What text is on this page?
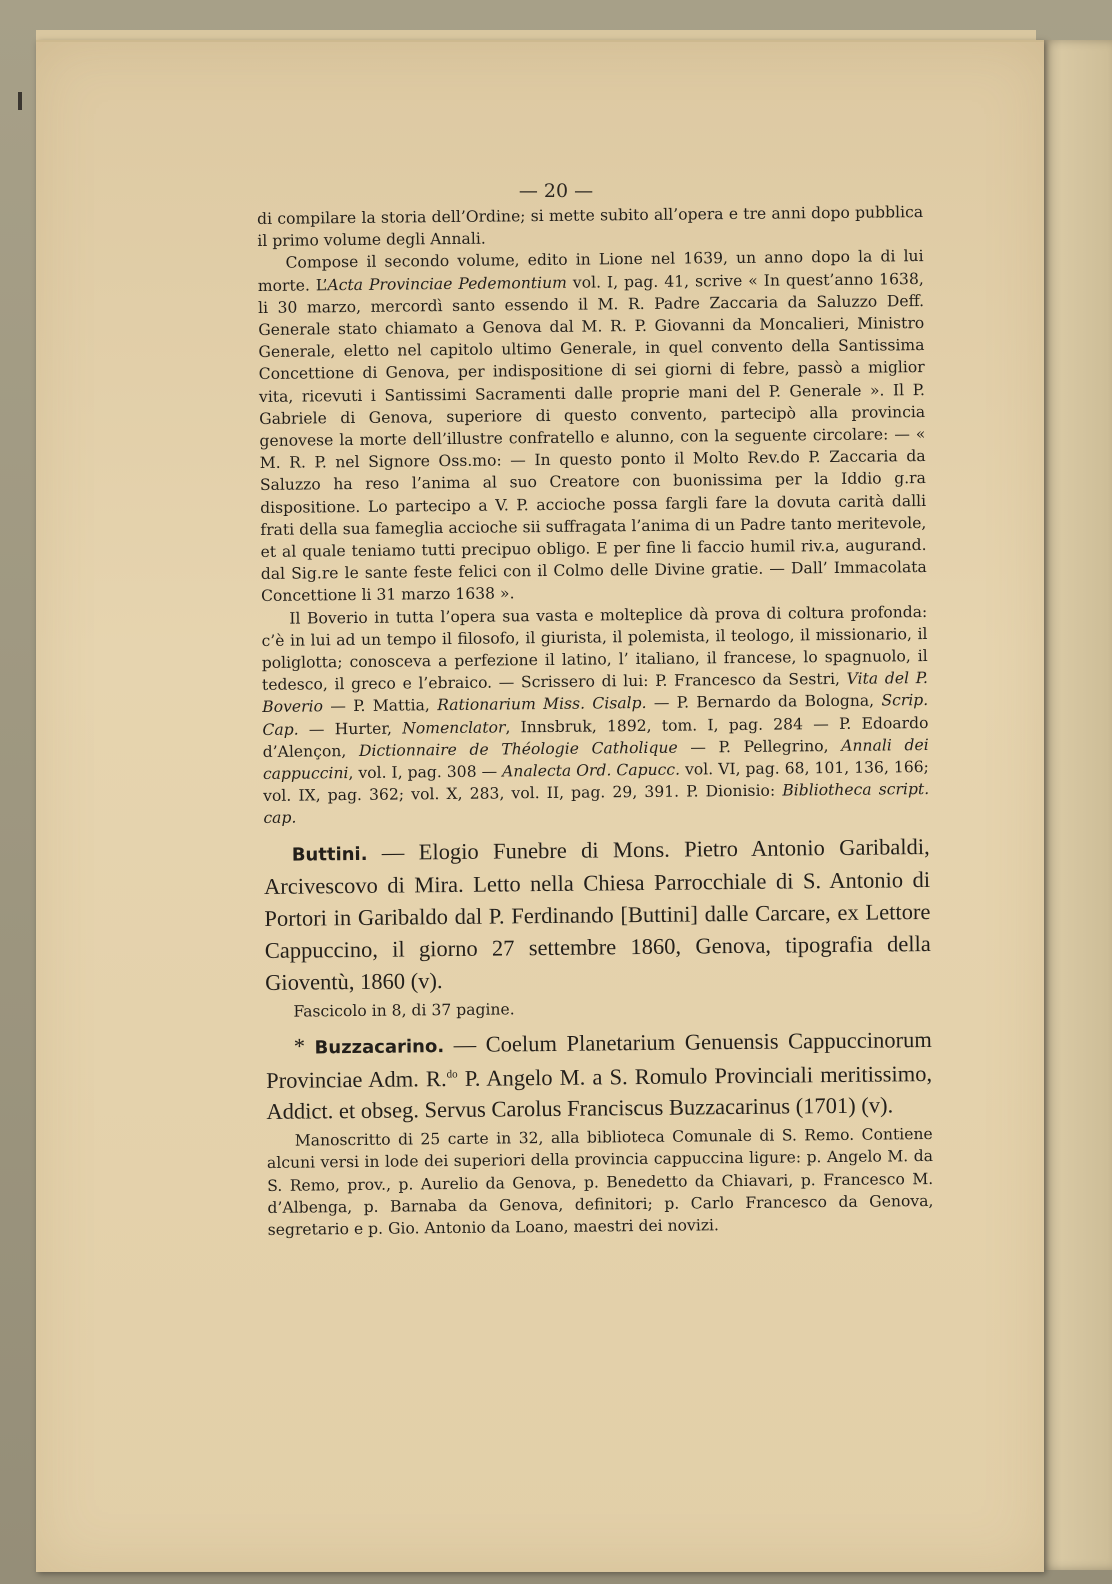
— 20 —

di compilare la storia dell’Ordine; si mette subito all’opera e tre anni dopo pubblica il primo volume degli Annali.

Compose il secondo volume, edito in Lione nel 1639, un anno dopo la di lui morte. L’Acta Provinciae Pedemontium vol. I, pag. 41, scrive « In quest’anno 1638, li 30 marzo, mercordì santo essendo il M. R. Padre Zaccaria da Saluzzo Deff. Generale stato chiamato a Genova dal M. R. P. Giovanni da Moncalieri, Ministro Generale, eletto nel capitolo ultimo Generale, in quel convento della Santissima Concettione di Genova, per indispositione di sei giorni di febre, passò a miglior vita, ricevuti i Santissimi Sacramenti dalle proprie mani del P. Generale ». Il P. Gabriele di Genova, superiore di questo convento, partecipò alla provincia genovese la morte dell’illustre confratello e alunno, con la seguente circolare: — « M. R. P. nel Signore Oss.mo: — In questo ponto il Molto Rev.do P. Zaccaria da Saluzzo ha reso l’anima al suo Creatore con buonissima per la Iddio g.ra dispositione. Lo partecipo a V. P. accioche possa fargli fare la dovuta carità dalli frati della sua fameglia accioche sii suffragata l’anima di un Padre tanto meritevole, et al quale teniamo tutti precipuo obligo. E per fine li faccio humil riv.a, augurand. dal Sig.re le sante feste felici con il Colmo delle Divine gratie. — Dall’ Immacolata Concettione li 31 marzo 1638 ».

Il Boverio in tutta l’opera sua vasta e molteplice dà prova di coltura profonda: c’è in lui ad un tempo il filosofo, il giurista, il polemista, il teologo, il missionario, il poliglotta; conosceva a perfezione il latino, l’ italiano, il francese, lo spagnuolo, il tedesco, il greco e l’ebraico. — Scrissero di lui: P. Francesco da Sestri, Vita del P. Boverio — P. Mattia, Rationarium Miss. Cisalp. — P. Bernardo da Bologna, Scrip. Cap. — Hurter, Nomenclator, Innsbruk, 1892, tom. I, pag. 284 — P. Edoardo d’Alençon, Dictionnaire de Théologie Catholique — P. Pellegrino, Annali dei cappuccini, vol. I, pag. 308 — Analecta Ord. Capucc. vol. VI, pag. 68, 101, 136, 166; vol. IX, pag. 362; vol. X, 283, vol. II, pag. 29, 391. P. Dionisio: Bibliotheca script. cap.

Buttini. — Elogio Funebre di Mons. Pietro Antonio Garibaldi, Arcivescovo di Mira. Letto nella Chiesa Parrocchiale di S. Antonio di Portori in Garibaldo dal P. Ferdinando [Buttini] dalle Carcare, ex Lettore Cappuccino, il giorno 27 settembre 1860, Genova, tipografia della Gioventù, 1860 (v).

Fascicolo in 8, di 37 pagine.

* Buzzacarino. — Coelum Planetarium Genuensis Cappuccinorum Provinciae Adm. R.$^{do}$ P. Angelo M. a S. Romulo Provinciali meritissimo, Addict. et obseg. Servus Carolus Franciscus Buzzacarinus (1701) (v).

Manoscritto di 25 carte in 32, alla biblioteca Comunale di S. Remo. Contiene alcuni versi in lode dei superiori della provincia cappuccina ligure: p. Angelo M. da S. Remo, prov., p. Aurelio da Genova, p. Benedetto da Chiavari, p. Francesco M. d’Albenga, p. Barnaba da Genova, definitori; p. Carlo Francesco da Genova, segretario e p. Gio. Antonio da Loano, maestri dei novizi.
